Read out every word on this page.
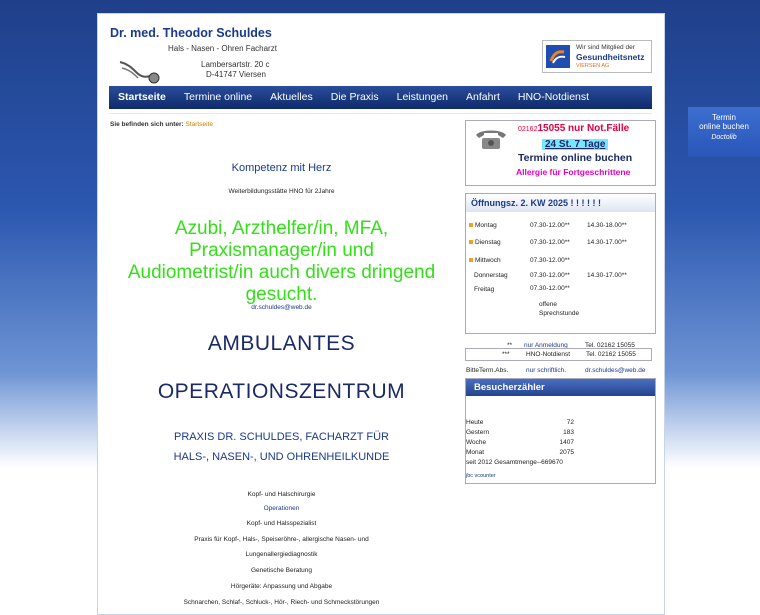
Dr. med. Theodor Schuldes
Hals - Nasen - Ohren Facharzt
Lambersartstr. 20 c
D-41747 Viersen
Wir sind Mitglied der
Gesundheitsnetz
VIERSEN AG
Startseite	Termine online	Aktuelles	Die Praxis	Leistungen	Anfahrt	HNO-Notdienst
Sie befinden sich unter: Startseite
Kompetenz mit Herz
Weiterbildungsstätte HNO für 2Jahre
Azubi, Arzthelfer/in, MFA, Praxismanager/in und Audiometrist/in auch divers dringend gesucht.
dr.schuldes@web.de
AMBULANTES
OPERATIONSZENTRUM
PRAXIS DR. SCHULDES, FACHARZT FÜR
HALS-, NASEN-, UND OHRENHEILKUNDE
Kopf- und Halschirurgie
Operationen
Kopf- und Halsspezialist
Praxis für Kopf-, Hals-, Speiseröhre-, allergische Nasen- und
Lungenallergiediagnostik
Genetische Beratung
Hörgeräte: Anpassung und Abgabe
Schnarchen, Schlaf-, Schluck-, Hör-, Riech- und Schmeckstörungen
0216215055 nur Not.Fälle
24 St. 7 Tage
Termine online buchen
Allergie für Fortgeschrittene
Öffnungsz. 2. KW 2025 ! ! ! ! ! !
Montag	07.30-12.00**	14.30-18.00**
Dienstag	07.30-12.00**	14.30-17.00**
Mittwoch	07.30-12.00**
Donnerstag	07.30-12.00**	14.30-17.00**
Freitag	07.30-12.00**
offene
Sprechstunde
** nur Anmeldung	Tel. 02162 15055
***	HNO-Notdienst Tel. 02162 15055
BitteTerm.Abs.	nur schriftlich.	dr.schuldes@web.de
Besucherzähler
Heute	72
Gestern	183
Woche	1407
Monat	2075
seit 2012 Gesamtmenge--669670
jbc vcounter
Termin
online buchen
Doctolib
